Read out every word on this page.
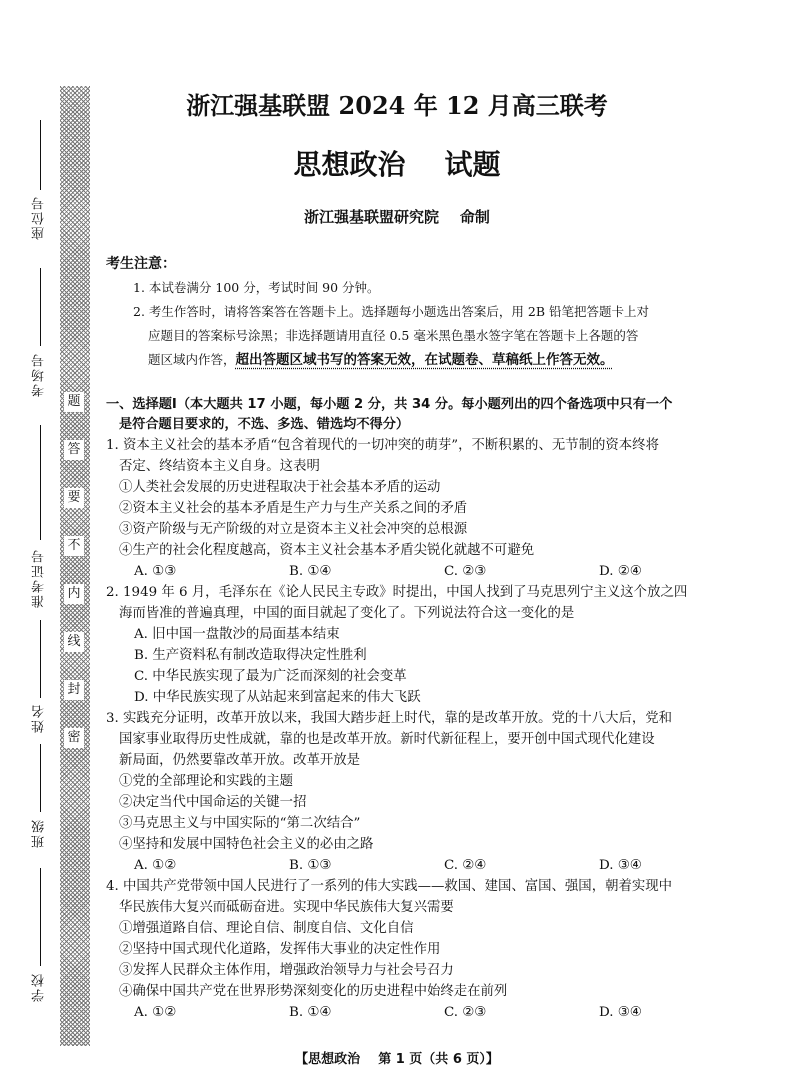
题
答
要
不
内
线
封
密
座位号
考场号
准考证号
姓名
班级
学校
浙江强基联盟 2024 年 12 月高三联考
思想政治    试题
浙江强基联盟研究院    命制
考生注意：
1. 本试卷满分 100 分，考试时间 90 分钟。
2. 考生作答时，请将答案答在答题卡上。选择题每小题选出答案后，用 2B 铅笔把答题卡上对
应题目的答案标号涂黑；非选择题请用直径 0.5 毫米黑色墨水签字笔在答题卡上各题的答
题区域内作答，超出答题区域书写的答案无效，在试题卷、草稿纸上作答无效。
一、选择题Ⅰ（本大题共 17 小题，每小题 2 分，共 34 分。每小题列出的四个备选项中只有一个
是符合题目要求的，不选、多选、错选均不得分）
1. 资本主义社会的基本矛盾“包含着现代的一切冲突的萌芽”，不断积累的、无节制的资本终将
否定、终结资本主义自身。这表明
①人类社会发展的历史进程取决于社会基本矛盾的运动
②资本主义社会的基本矛盾是生产力与生产关系之间的矛盾
③资产阶级与无产阶级的对立是资本主义社会冲突的总根源
④生产的社会化程度越高，资本主义社会基本矛盾尖锐化就越不可避免
A. ①③	B. ①④	C. ②③	D. ②④
2. 1949 年 6 月，毛泽东在《论人民民主专政》时提出，中国人找到了马克思列宁主义这个放之四
海而皆准的普遍真理，中国的面目就起了变化了。下列说法符合这一变化的是
A. 旧中国一盘散沙的局面基本结束
B. 生产资料私有制改造取得决定性胜利
C. 中华民族实现了最为广泛而深刻的社会变革
D. 中华民族实现了从站起来到富起来的伟大飞跃
3. 实践充分证明，改革开放以来，我国大踏步赶上时代，靠的是改革开放。党的十八大后，党和
国家事业取得历史性成就，靠的也是改革开放。新时代新征程上，要开创中国式现代化建设
新局面，仍然要靠改革开放。改革开放是
①党的全部理论和实践的主题
②决定当代中国命运的关键一招
③马克思主义与中国实际的“第二次结合”
④坚持和发展中国特色社会主义的必由之路
A. ①②	B. ①③	C. ②④	D. ③④
4. 中国共产党带领中国人民进行了一系列的伟大实践——救国、建国、富国、强国，朝着实现中
华民族伟大复兴而砥砺奋进。实现中华民族伟大复兴需要
①增强道路自信、理论自信、制度自信、文化自信
②坚持中国式现代化道路，发挥伟大事业的决定性作用
③发挥人民群众主体作用，增强政治领导力与社会号召力
④确保中国共产党在世界形势深刻变化的历史进程中始终走在前列
A. ①②	B. ①④	C. ②③	D. ③④
【思想政治    第 1 页（共 6 页）】
